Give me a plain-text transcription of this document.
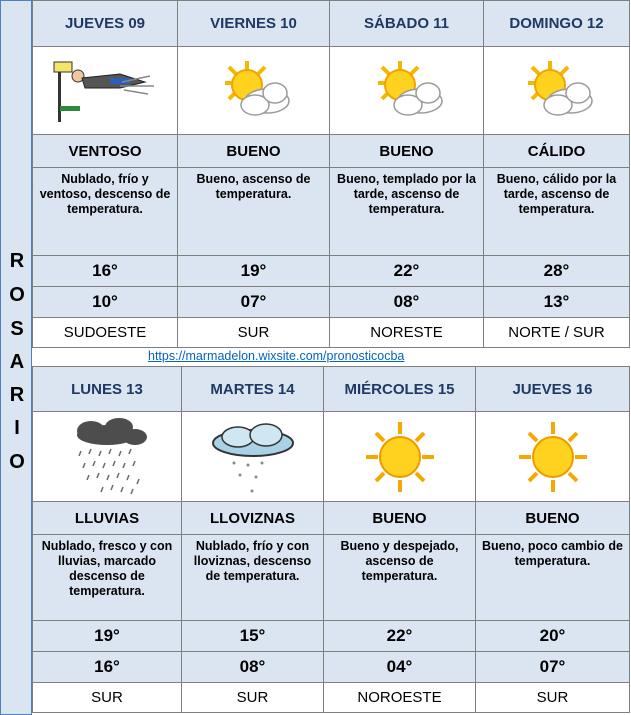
R
O
S
A
R
I
O
JUEVES 09	VIERNES 10	SÁBADO 11	DOMINGO 12

VENTOSO	BUENO	BUENO	CÁLIDO
Nublado, frío y ventoso, descenso de temperatura.	Bueno, ascenso de temperatura.	Bueno, templado por la tarde, ascenso de temperatura.	Bueno, cálido por la tarde, ascenso de temperatura.
16°	19°	22°	28°
10°	07°	08°	13°
SUDOESTE	SUR	NORESTE	NORTE / SUR
https://marmadelon.wixsite.com/pronosticocba
LUNES 13	MARTES 14	MIÉRCOLES 15	JUEVES 16

LLUVIAS	LLOVIZNAS	BUENO	BUENO
Nublado, fresco y con lluvias, marcado descenso de temperatura.	Nublado, frío y con lloviznas, descenso de temperatura.	Bueno y despejado, ascenso de temperatura.	Bueno, poco cambio de temperatura.
19°	15°	22°	20°
16°	08°	04°	07°
SUR	SUR	NOROESTE	SUR
